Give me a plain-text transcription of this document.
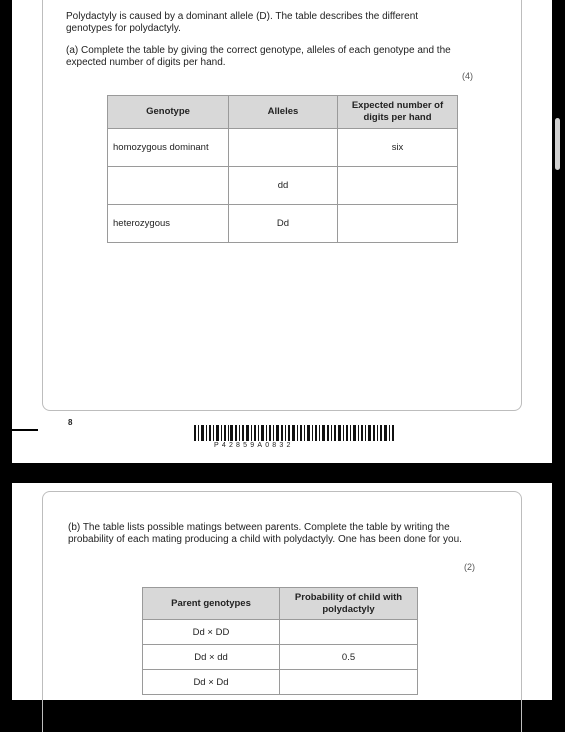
Polydactyly is caused by a dominant allele (D). The table describes the different genotypes for polydactyly.
(a) Complete the table by giving the correct genotype, alleles of each genotype and the expected number of digits per hand.
(4)
Genotype	Alleles	Expected number of digits per hand
homozygous dominant		six
	dd	
heterozygous	Dd	
P42859A0832
8
(b) The table lists possible matings between parents. Complete the table by writing the probability of each mating producing a child with polydactyly. One has been done for you.
(2)
Parent genotypes	Probability of child with polydactyly
Dd × DD	
Dd × dd	0.5
Dd × Dd	
